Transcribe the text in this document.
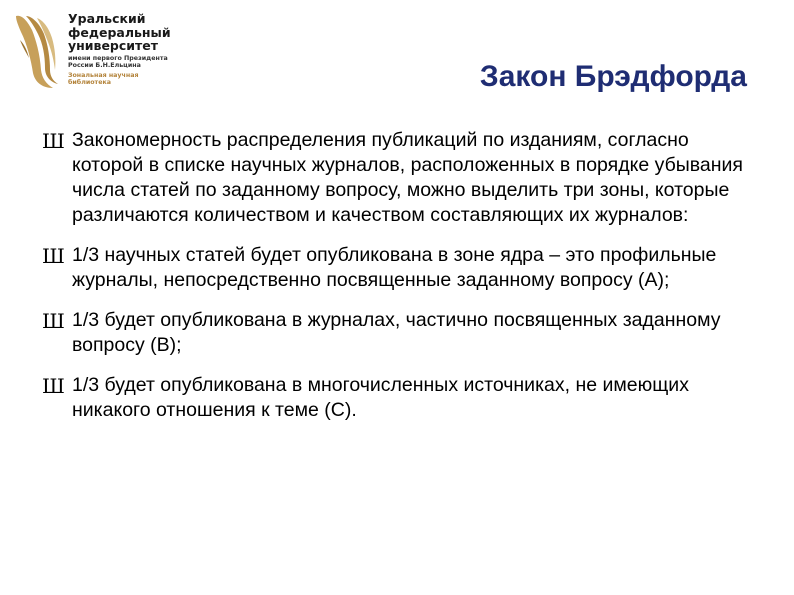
Уральский
федеральный
университет
имени первого Президента
России Б.Н.Ельцина
Зональная научная
библиотека	Закон Брэдфорда
Ш Закономерность распределения публикаций по изданиям, согласно которой в списке научных журналов, расположенных в порядке убывания числа статей по заданному вопросу, можно выделить три зоны, которые различаются количеством и качеством составляющих их журналов:
Ш 1/3 научных статей будет опубликована в зоне ядра – это профильные журналы, непосредственно посвященные заданному вопросу (A);
Ш 1/3 будет опубликована в журналах, частично посвященных заданному вопросу (B);
Ш 1/3 будет опубликована в многочисленных источниках, не имеющих никакого отношения к теме (C).
